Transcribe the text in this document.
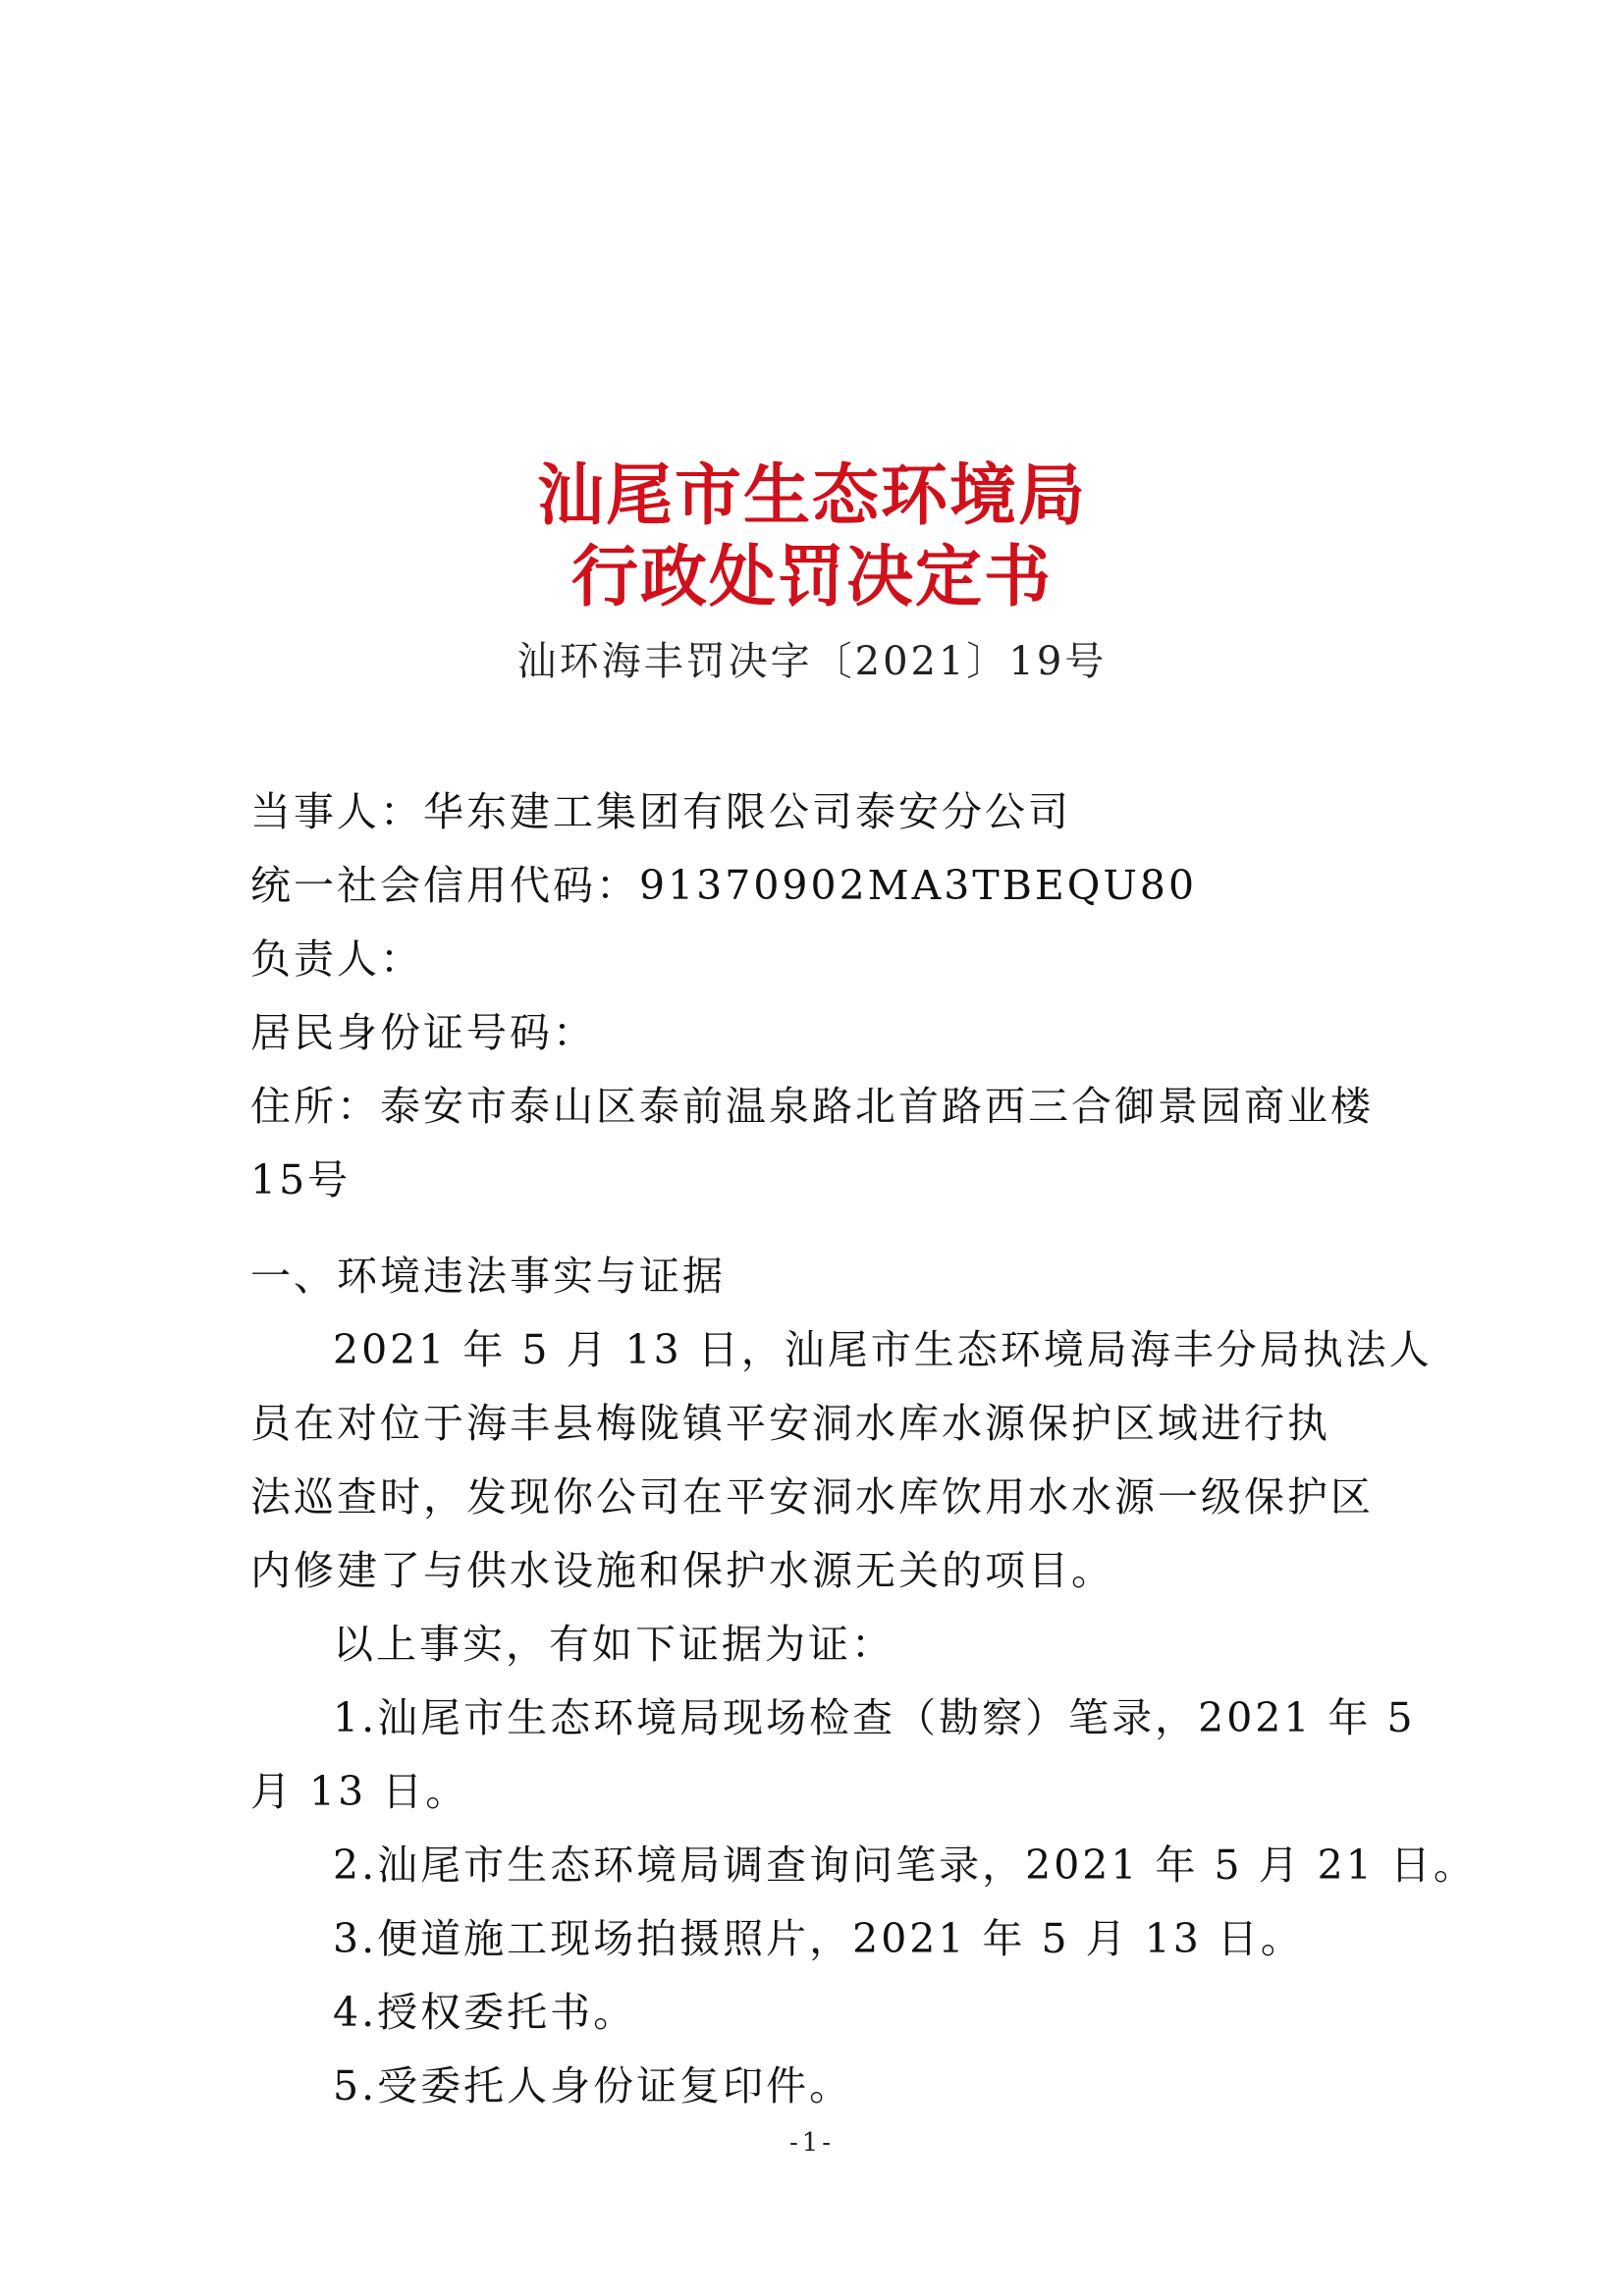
汕尾市生态环境局
行政处罚决定书
汕环海丰罚决字〔2021〕19号
当事人：华东建工集团有限公司泰安分公司
统一社会信用代码：91370902MA3TBEQU80
负责人：
居民身份证号码：
住所：泰安市泰山区泰前温泉路北首路西三合御景园商业楼
15号
一、环境违法事实与证据
2021 年 5 月 13 日，汕尾市生态环境局海丰分局执法人
员在对位于海丰县梅陇镇平安洞水库水源保护区域进行执
法巡查时，发现你公司在平安洞水库饮用水水源一级保护区
内修建了与供水设施和保护水源无关的项目。
以上事实，有如下证据为证：
1.汕尾市生态环境局现场检查（勘察）笔录，2021 年 5
月 13 日。
2.汕尾市生态环境局调查询问笔录，2021 年 5 月 21 日。
3.便道施工现场拍摄照片，2021 年 5 月 13 日。
4.授权委托书。
5.受委托人身份证复印件。
-1-
